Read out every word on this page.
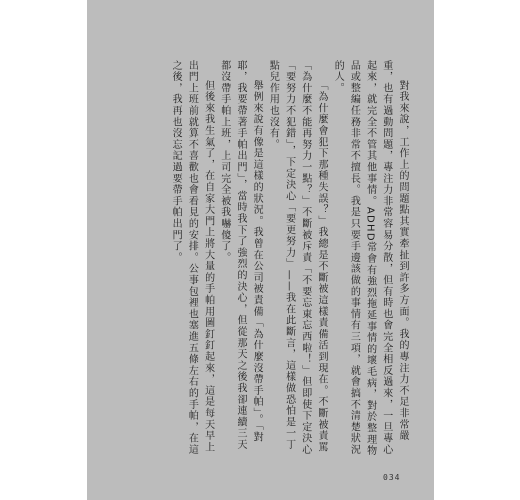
對我來說，工作上的問題點其實牽扯到許多方面。我的專注力不足非常嚴重，也有過動問題，專注力非常容易分散，但有時也會完全相反過來，一旦專心起來，就完全不管其他事情。ADHD常會有強烈拖延事情的壞毛病，對於整理物品或整編任務非常不擅長。我是只要手邊該做的事情有三項，就會搞不清楚狀況的人。

「為什麼會犯下那種失誤？」我總是不斷被這樣責備活到現在。不斷被責罵「為什麼不能再努力一點？」不斷被斥責「不要忘東忘西啦！」但即使下定決心「要努力不犯錯」，下定決心「要更努力」——我在此斷言，這樣做恐怕是一丁點兒作用也沒有。

舉例來說有像是這樣的狀況。我曾在公司被責備「為什麼沒帶手帕」。「對耶，我要帶著手帕出門」，當時我下了強烈的決心，但從那天之後我卻連續三天都沒帶手帕上班，上司完全被我嚇傻了。

但後來我生氣了，在自家大門上將大量的手帕用圖釘釘起來，這是每天早上出門上班前就算不喜歡也會看見的安排。公事包裡也塞進五條左右的手帕，在這之後，我再也沒忘記過要帶手帕出門了。

034
